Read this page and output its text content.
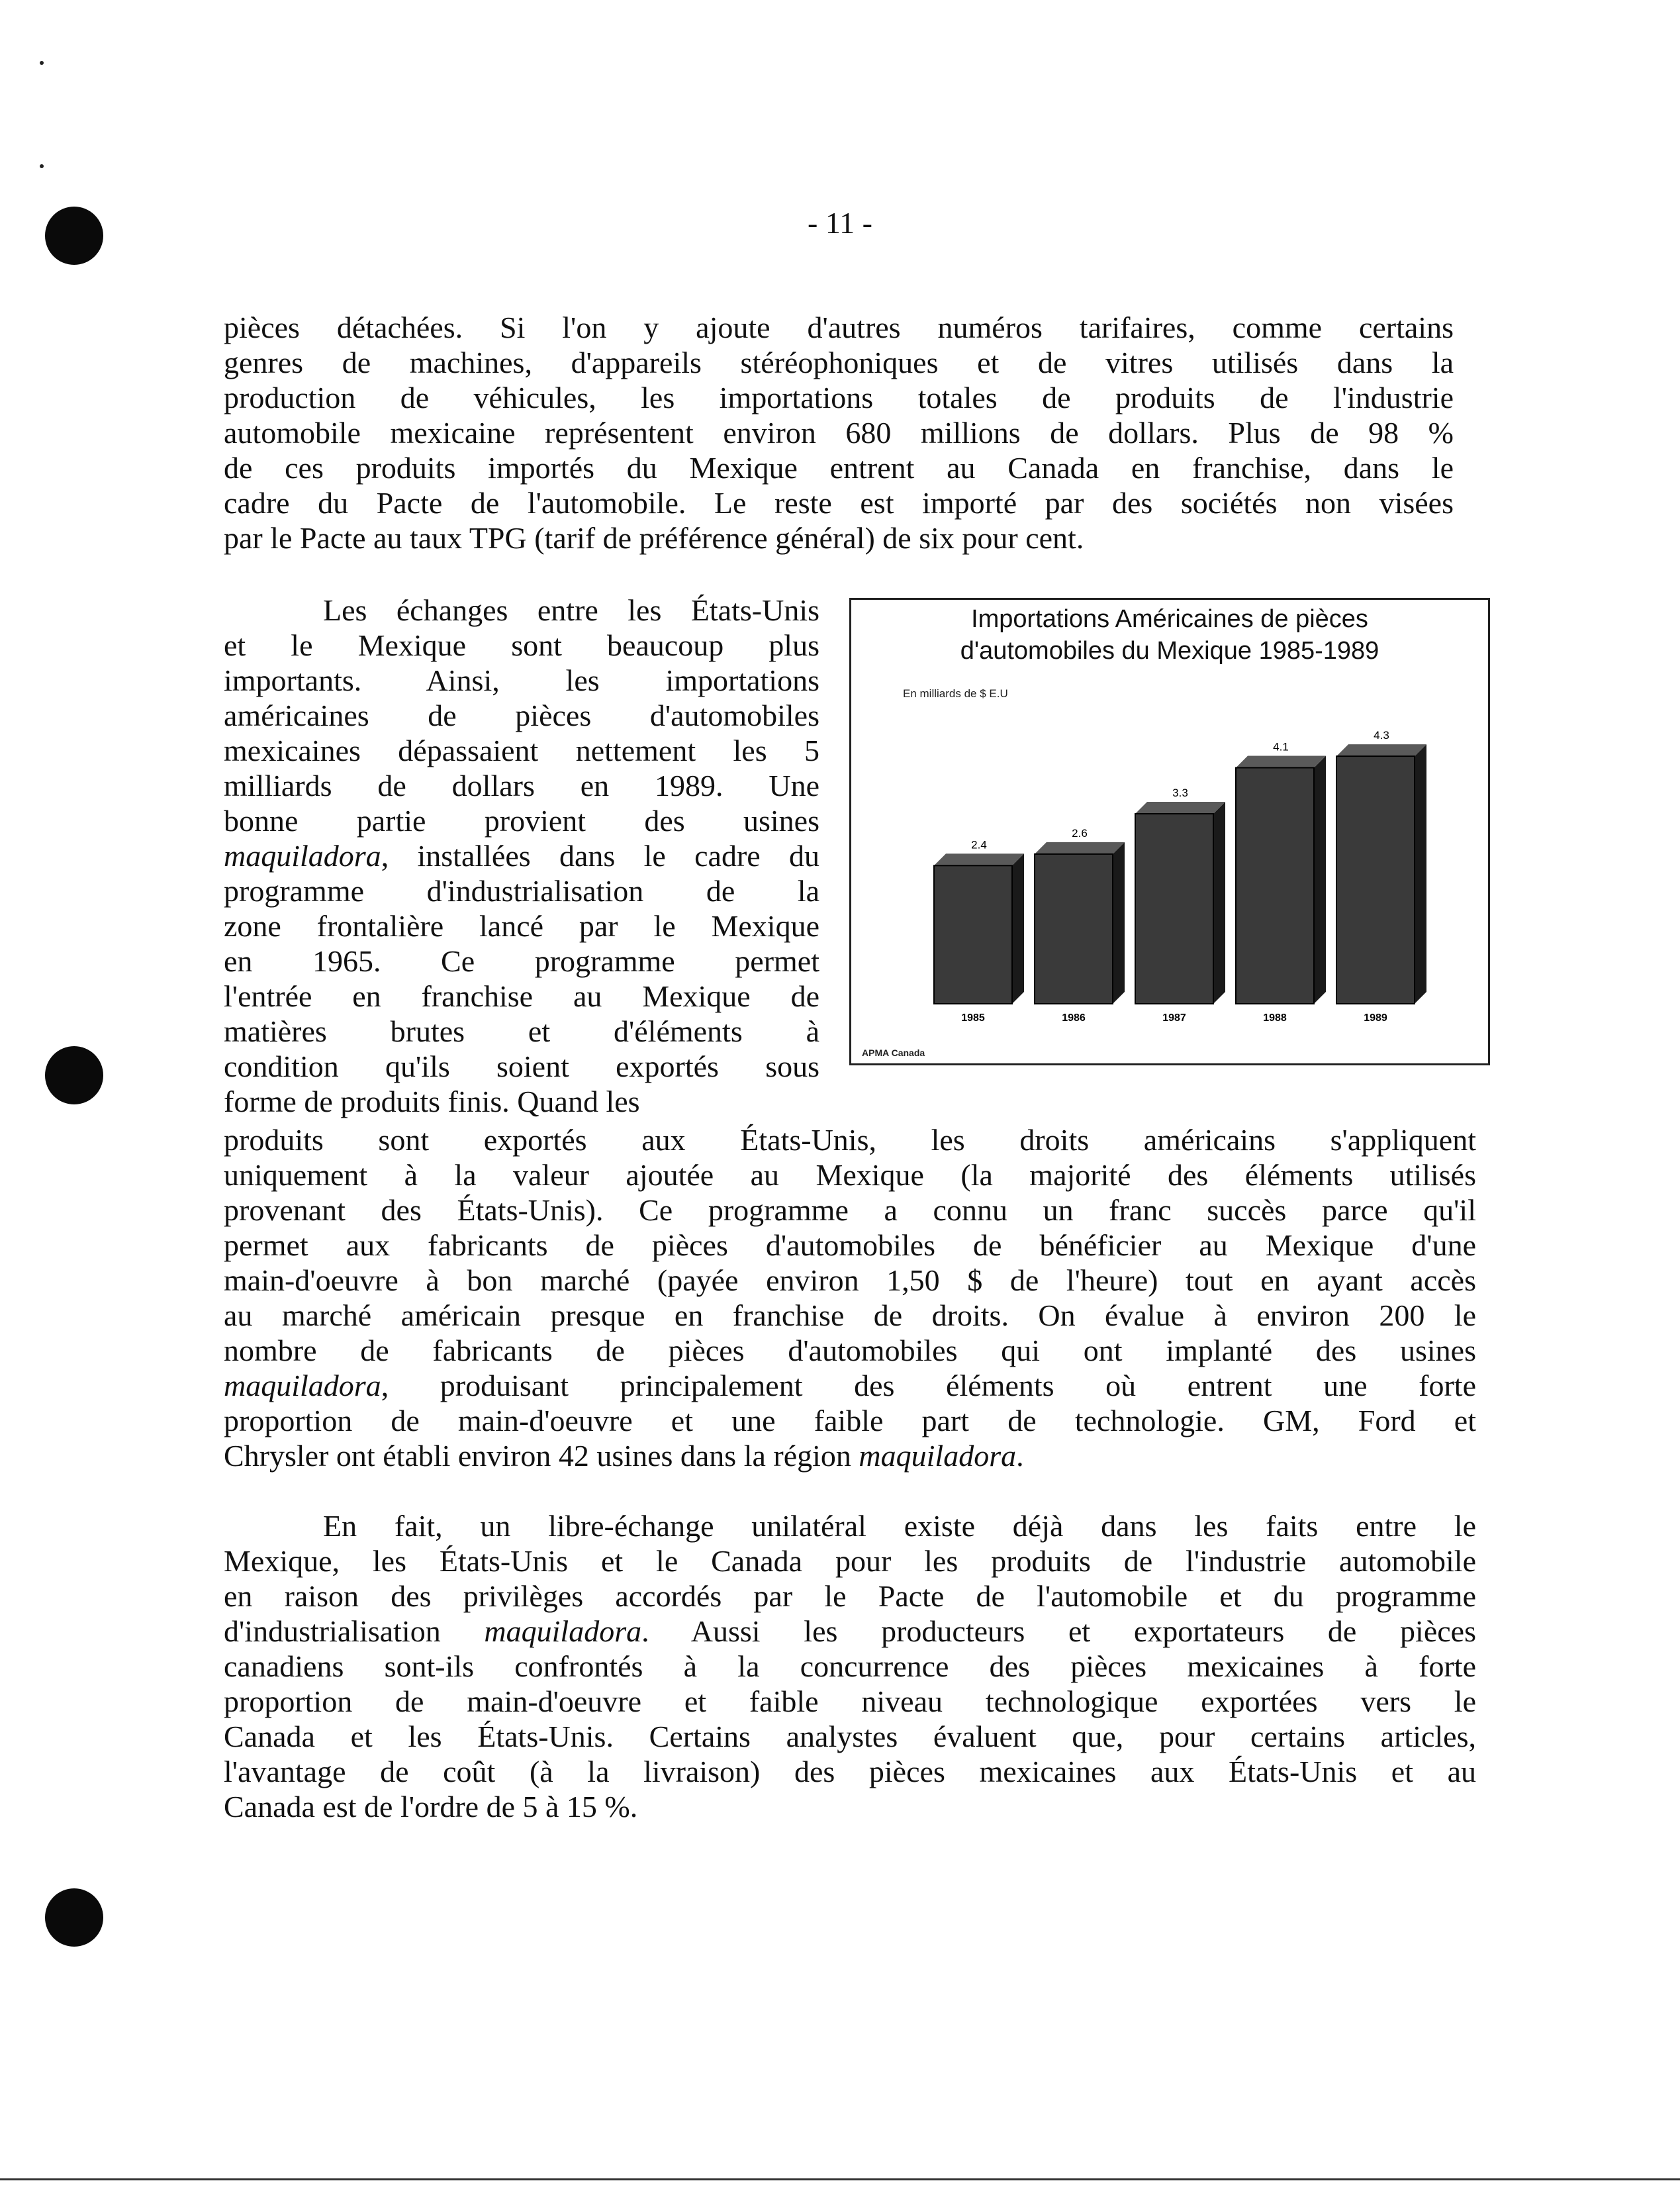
- 11 -
pièces détachées. Si l'on y ajoute d'autres numéros tarifaires, comme certains
genres de machines, d'appareils stéréophoniques et de vitres utilisés dans la
production de véhicules, les importations totales de produits de l'industrie
automobile mexicaine représentent environ 680 millions de dollars. Plus de 98 %
de ces produits importés du Mexique entrent au Canada en franchise, dans le
cadre du Pacte de l'automobile. Le reste est importé par des sociétés non visées
par le Pacte au taux TPG (tarif de préférence général) de six pour cent.
Les échanges entre les États-Unis
et le Mexique sont beaucoup plus
importants. Ainsi, les importations
américaines de pièces d'automobiles
mexicaines dépassaient nettement les 5
milliards de dollars en 1989. Une
bonne partie provient des usines
maquiladora, installées dans le cadre du
programme d'industrialisation de la
zone frontalière lancé par le Mexique
en 1965. Ce programme permet
l'entrée en franchise au Mexique de
matières brutes et d'éléments à
condition qu'ils soient exportés sous
forme de produits finis. Quand les
produits sont exportés aux États-Unis, les droits américains s'appliquent
uniquement à la valeur ajoutée au Mexique (la majorité des éléments utilisés
provenant des États-Unis). Ce programme a connu un franc succès parce qu'il
permet aux fabricants de pièces d'automobiles de bénéficier au Mexique d'une
main-d'oeuvre à bon marché (payée environ 1,50 $ de l'heure) tout en ayant accès
au marché américain presque en franchise de droits. On évalue à environ 200 le
nombre de fabricants de pièces d'automobiles qui ont implanté des usines
maquiladora, produisant principalement des éléments où entrent une forte
proportion de main-d'oeuvre et une faible part de technologie. GM, Ford et
Chrysler ont établi environ 42 usines dans la région maquiladora.
En fait, un libre-échange unilatéral existe déjà dans les faits entre le
Mexique, les États-Unis et le Canada pour les produits de l'industrie automobile
en raison des privilèges accordés par le Pacte de l'automobile et du programme
d'industrialisation maquiladora. Aussi les producteurs et exportateurs de pièces
canadiens sont-ils confrontés à la concurrence des pièces mexicaines à forte
proportion de main-d'oeuvre et faible niveau technologique exportées vers le
Canada et les États-Unis. Certains analystes évaluent que, pour certains articles,
l'avantage de coût (à la livraison) des pièces mexicaines aux États-Unis et au
Canada est de l'ordre de 5 à 15 %.
Importations Américaines de pièces
d'automobiles du Mexique 1985-1989
En milliards de $ E.U
2.4
1985
2.6
1986
3.3
1987
4.1
1988
4.3
1989
APMA Canada
